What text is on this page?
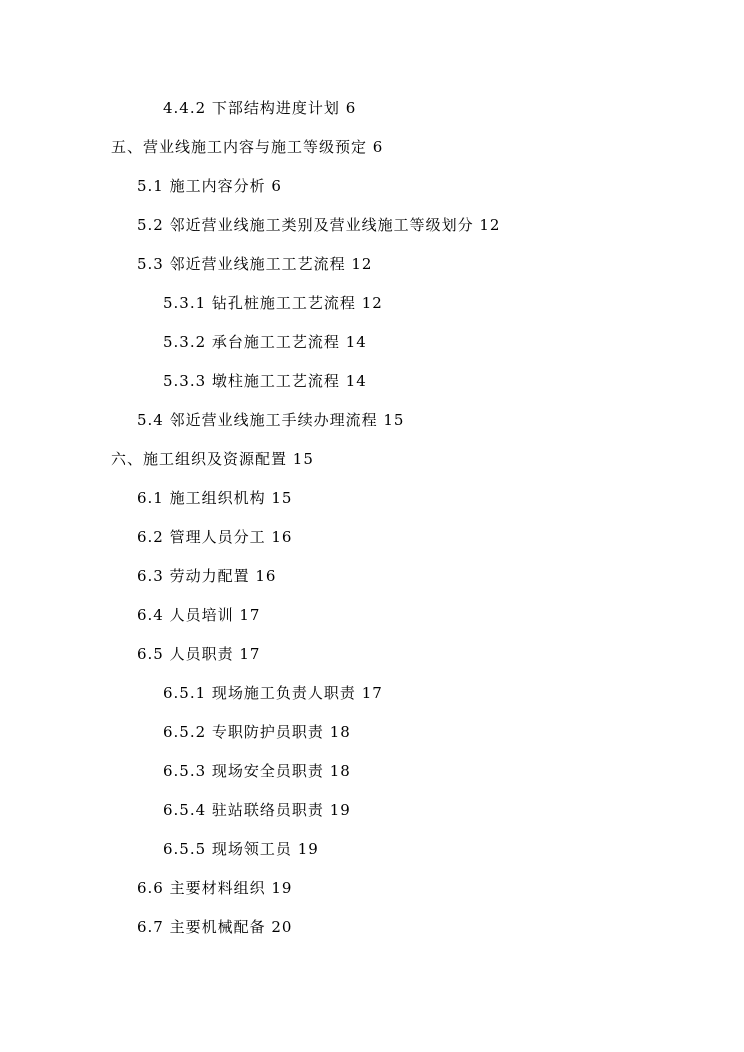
4.4.2 下部结构进度计划 6
五、营业线施工内容与施工等级预定 6
5.1 施工内容分析 6
5.2 邻近营业线施工类别及营业线施工等级划分 12
5.3 邻近营业线施工工艺流程 12
5.3.1 钻孔桩施工工艺流程 12
5.3.2 承台施工工艺流程 14
5.3.3 墩柱施工工艺流程 14
5.4 邻近营业线施工手续办理流程 15
六、施工组织及资源配置 15
6.1 施工组织机构 15
6.2 管理人员分工 16
6.3 劳动力配置 16
6.4 人员培训 17
6.5 人员职责 17
6.5.1 现场施工负责人职责 17
6.5.2 专职防护员职责 18
6.5.3 现场安全员职责 18
6.5.4 驻站联络员职责 19
6.5.5 现场领工员 19
6.6 主要材料组织 19
6.7 主要机械配备 20
